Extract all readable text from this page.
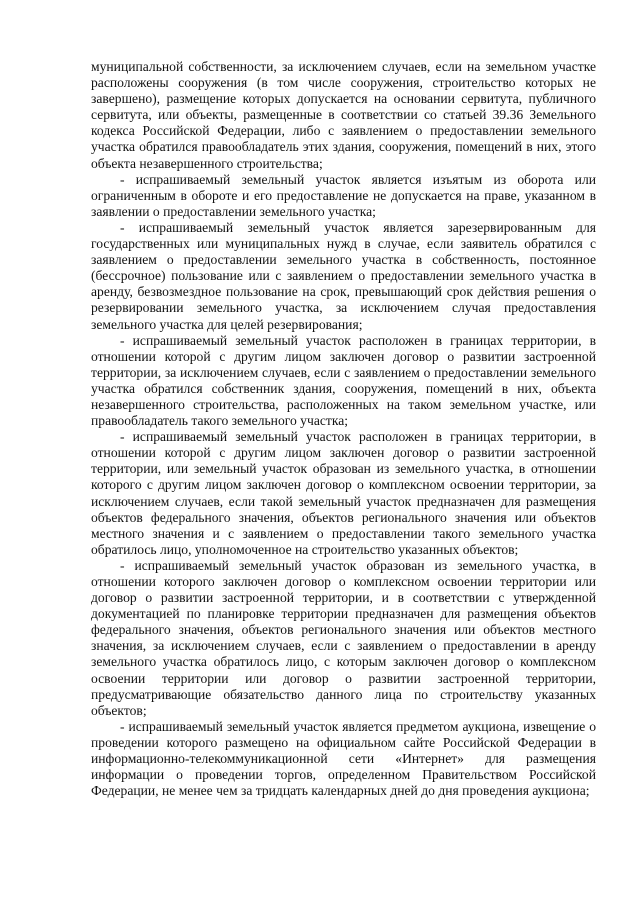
муниципальной собственности, за исключением случаев, если на земельном участке расположены сооружения (в том числе сооружения, строительство которых не завершено), размещение которых допускается на основании сервитута, публичного сервитута, или объекты, размещенные в соответствии со статьей 39.36 Земельного кодекса Российской Федерации, либо с заявлением о предоставлении земельного участка обратился правообладатель этих здания, сооружения, помещений в них, этого объекта незавершенного строительства;

- испрашиваемый земельный участок является изъятым из оборота или ограниченным в обороте и его предоставление не допускается на праве, указанном в заявлении о предоставлении земельного участка;

- испрашиваемый земельный участок является зарезервированным для государственных или муниципальных нужд в случае, если заявитель обратился с заявлением о предоставлении земельного участка в собственность, постоянное (бессрочное) пользование или с заявлением о предоставлении земельного участка в аренду, безвозмездное пользование на срок, превышающий срок действия решения о резервировании земельного участка, за исключением случая предоставления земельного участка для целей резервирования;

- испрашиваемый земельный участок расположен в границах территории, в отношении которой с другим лицом заключен договор о развитии застроенной территории, за исключением случаев, если с заявлением о предоставлении земельного участка обратился собственник здания, сооружения, помещений в них, объекта незавершенного строительства, расположенных на таком земельном участке, или правообладатель такого земельного участка;

- испрашиваемый земельный участок расположен в границах территории, в отношении которой с другим лицом заключен договор о развитии застроенной территории, или земельный участок образован из земельного участка, в отношении которого с другим лицом заключен договор о комплексном освоении территории, за исключением случаев, если такой земельный участок предназначен для размещения объектов федерального значения, объектов регионального значения или объектов местного значения и с заявлением о предоставлении такого земельного участка обратилось лицо, уполномоченное на строительство указанных объектов;

- испрашиваемый земельный участок образован из земельного участка, в отношении которого заключен договор о комплексном освоении территории или договор о развитии застроенной территории, и в соответствии с утвержденной документацией по планировке территории предназначен для размещения объектов федерального значения, объектов регионального значения или объектов местного значения, за исключением случаев, если с заявлением о предоставлении в аренду земельного участка обратилось лицо, с которым заключен договор о комплексном освоении территории или договор о развитии застроенной территории, предусматривающие обязательство данного лица по строительству указанных объектов;

- испрашиваемый земельный участок является предметом аукциона, извещение о проведении которого размещено на официальном сайте Российской Федерации в информационно-телекоммуникационной сети «Интернет» для размещения информации о проведении торгов, определенном Правительством Российской Федерации, не менее чем за тридцать календарных дней до дня проведения аукциона;
